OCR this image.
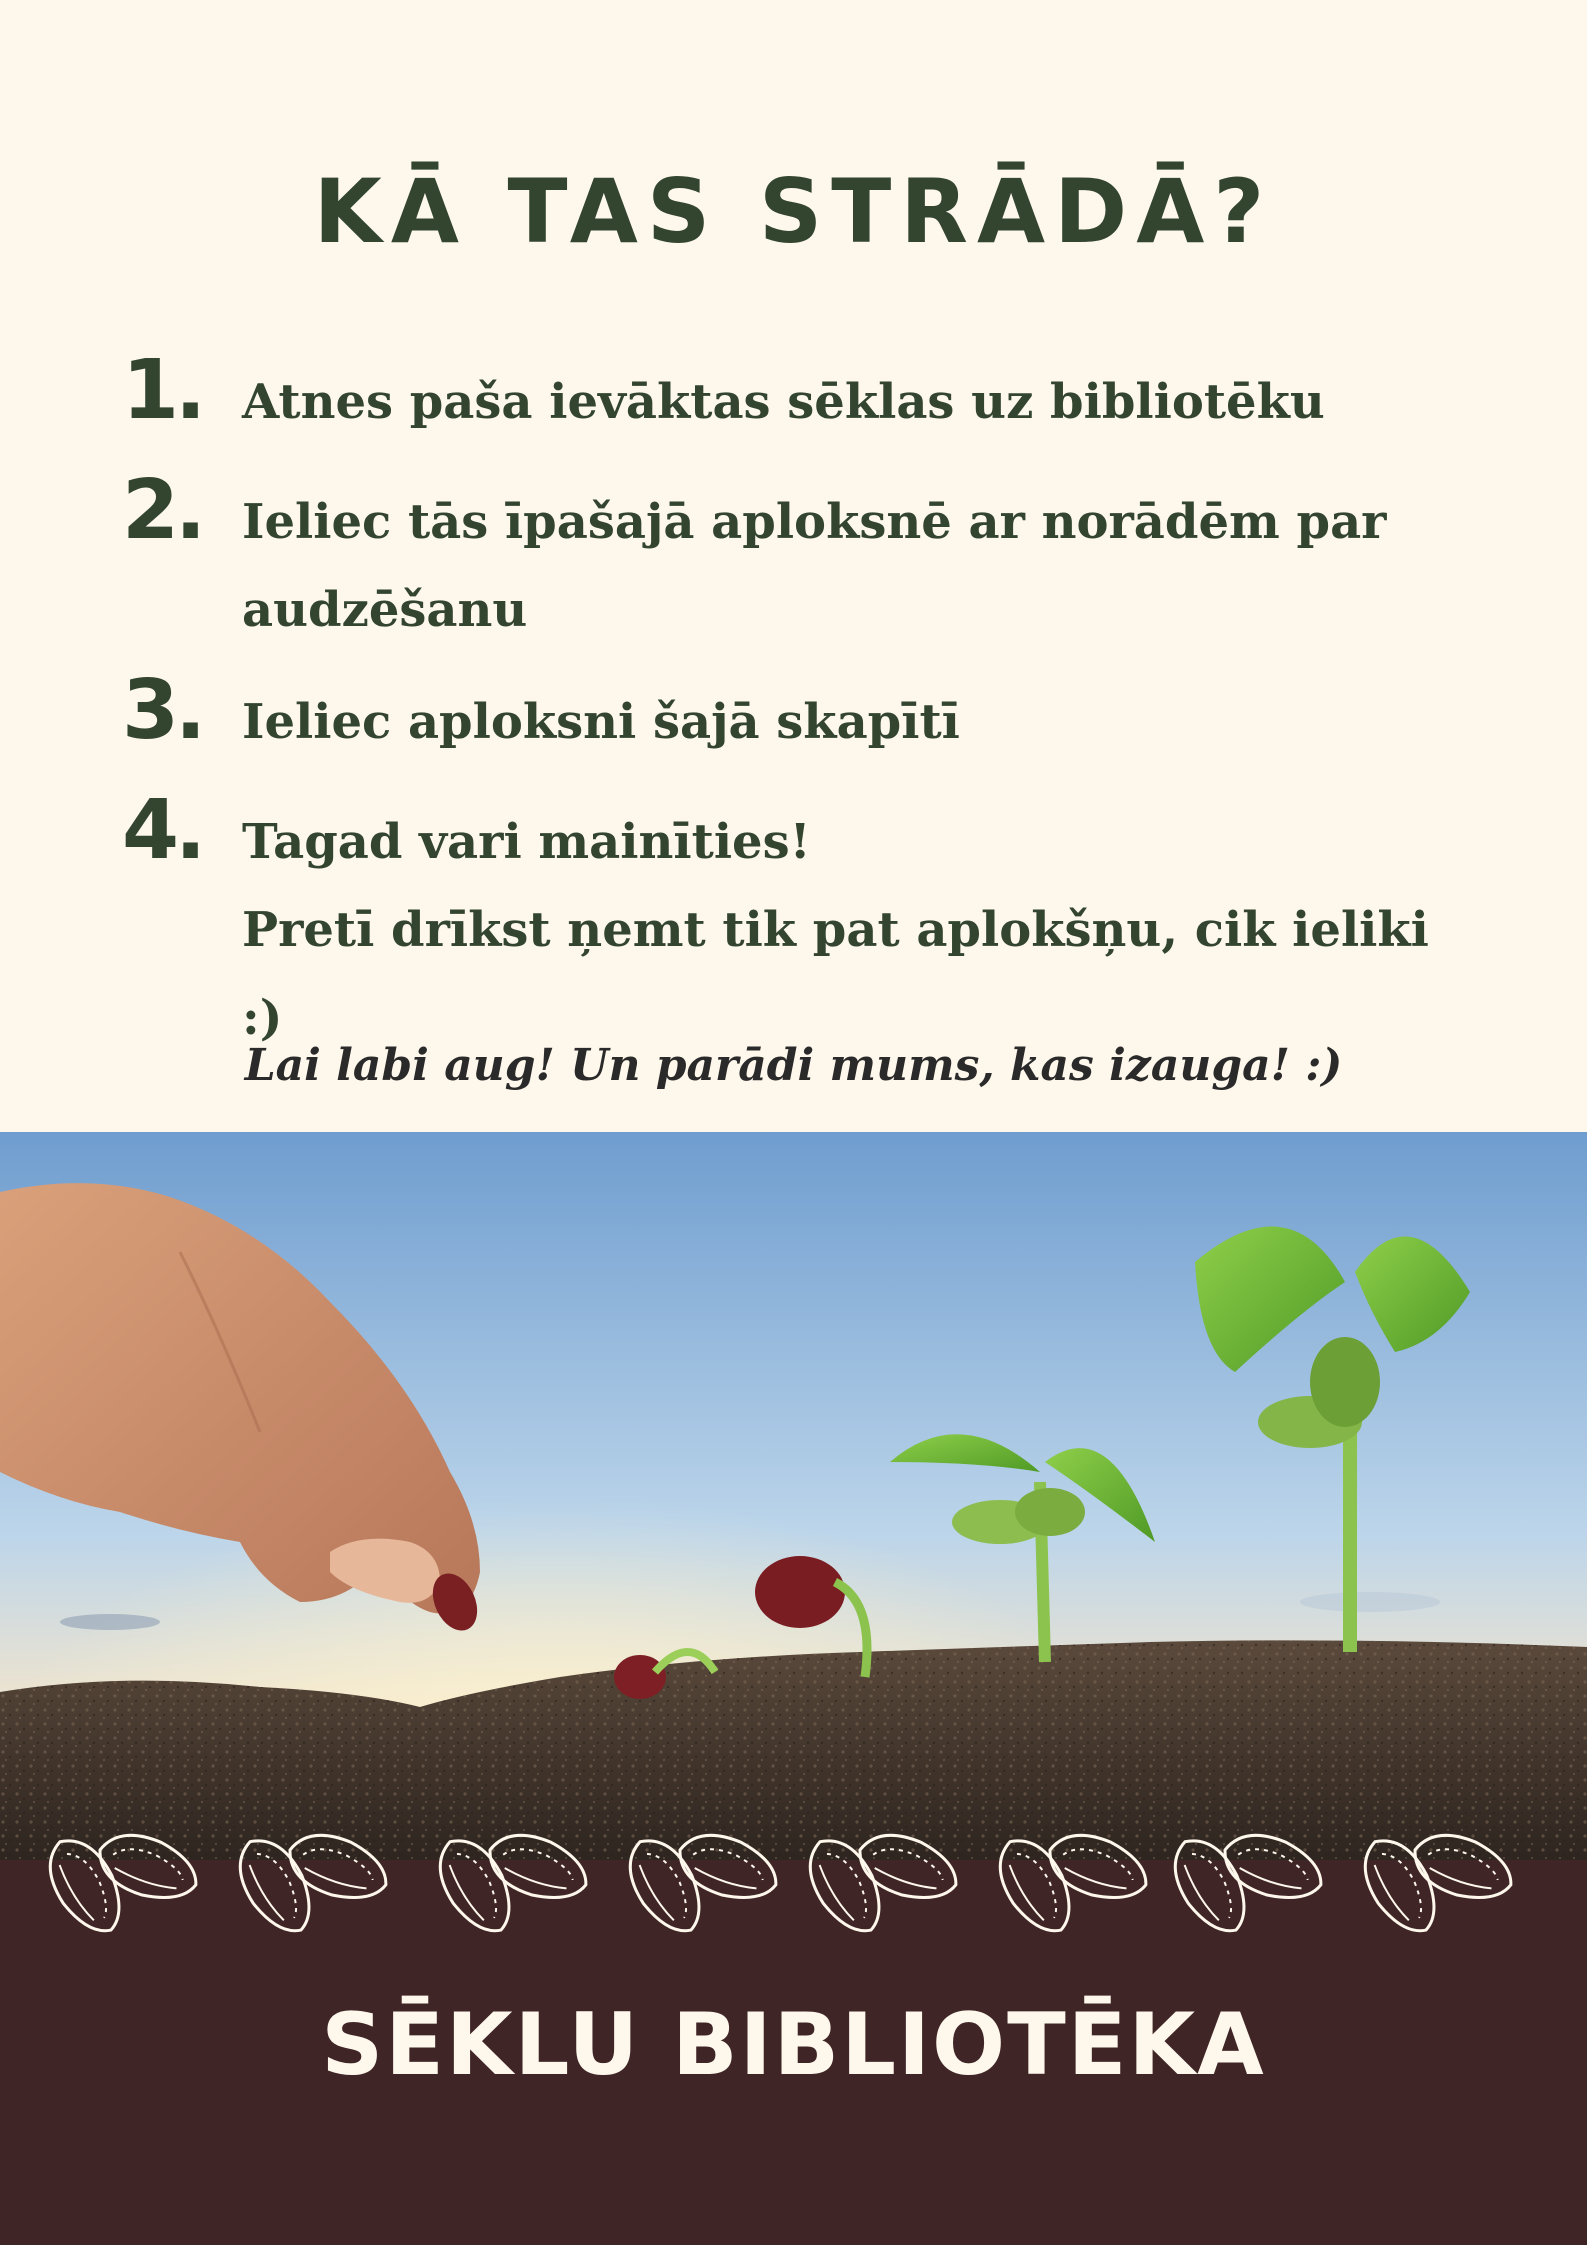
KĀ TAS STRĀDĀ?
1. Atnes paša ievāktas sēklas uz bibliotēku
2. Ieliec tās īpašajā aploksnē ar norādēm par
audzēšanu
3. Ieliec aploksni šajā skapītī
4. Tagad vari mainīties!
Pretī drīkst ņemt tik pat aplokšņu, cik ieliki :)
Lai labi aug! Un parādi mums, kas izauga! :)
SĒKLU BIBLIOTĒKA
